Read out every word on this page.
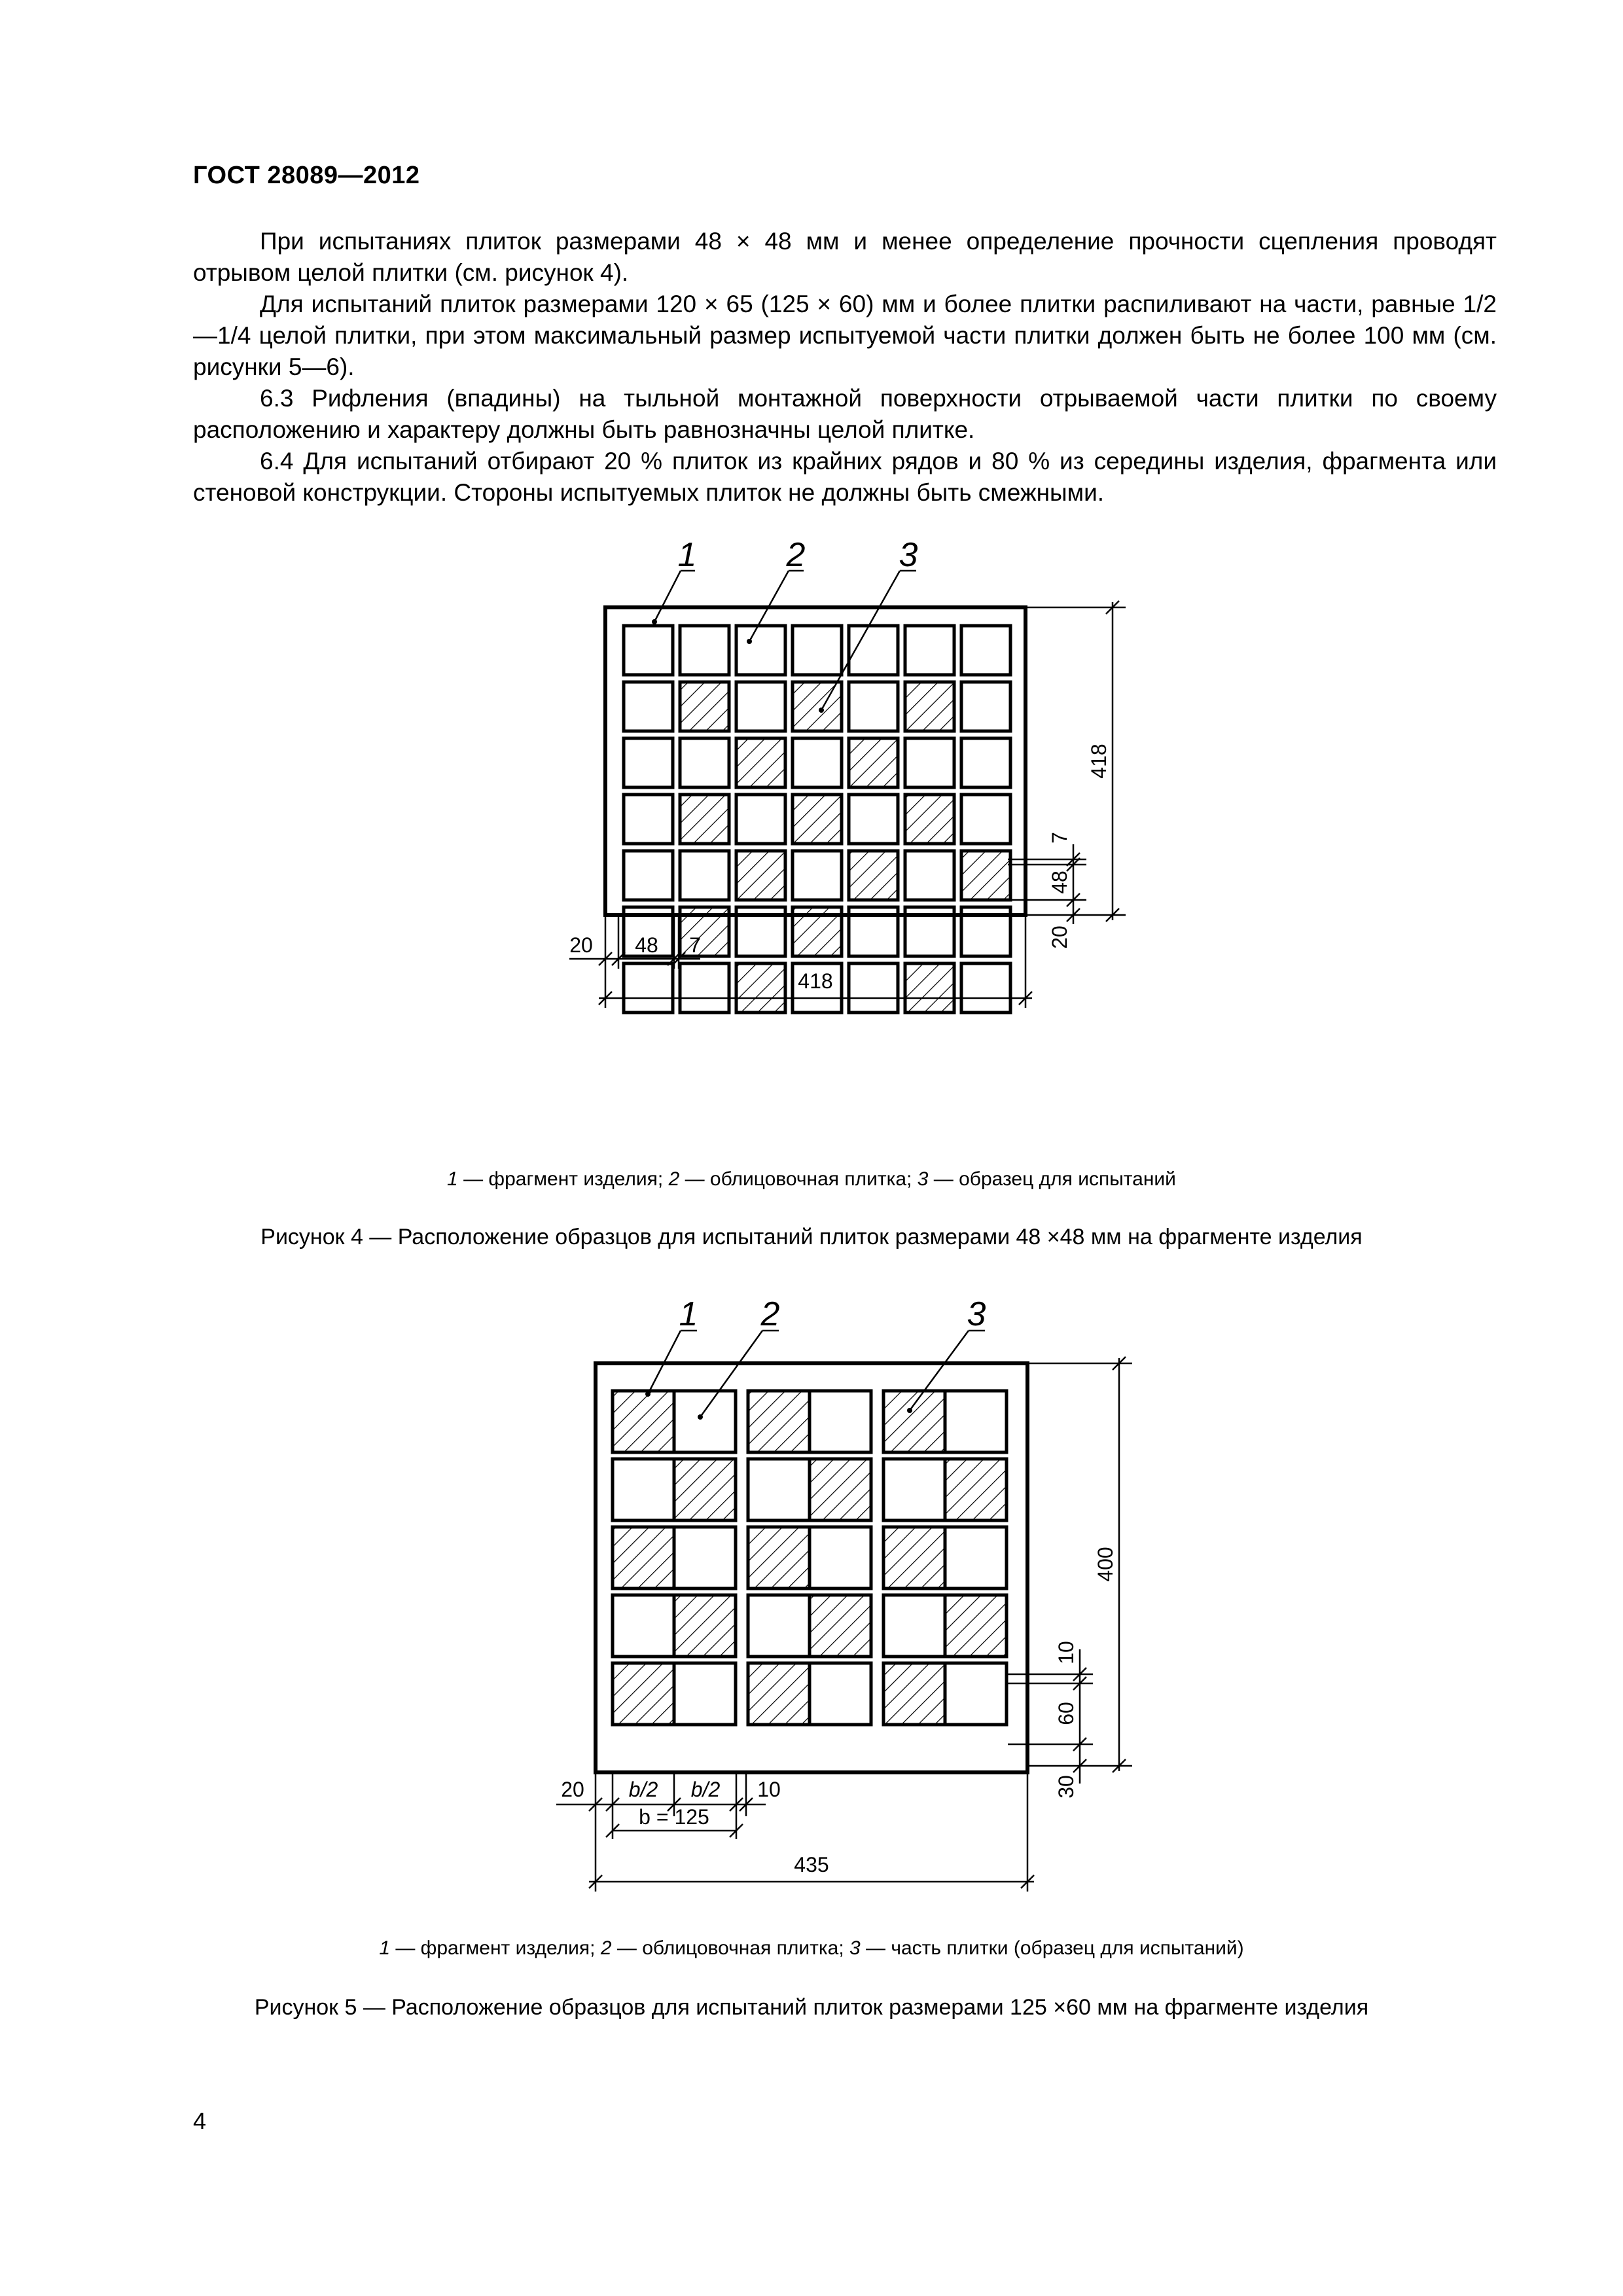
ГОСТ 28089—2012

При испытаниях плиток размерами 48 × 48 мм и менее определение прочности сцепления проводят отрывом целой плитки (см. рисунок 4).

Для испытаний плиток размерами 120 × 65 (125 × 60) мм и более плитки распиливают на части, равные 1/2—1/4 целой плитки, при этом максимальный размер испытуемой части плитки должен быть не более 100 мм (см. рисунки 5—6).

6.3 Рифления (впадины) на тыльной монтажной поверхности отрываемой части плитки по своему расположению и характеру должны быть равнозначны целой плитке.

6.4 Для испытаний отбирают 20 % плиток из крайних рядов и 80 % из середины изделия, фрагмента или стеновой конструкции. Стороны испытуемых плиток не должны быть смежными.

1	2	3
418
7
48
20
418
20 48 7
1 — фрагмент изделия; 2 — облицовочная плитка; 3 — образец для испытаний
Рисунок 4 — Расположение образцов для испытаний плиток размерами 48 ×48 мм на фрагменте изделия
1 2	3
400
10
60
30
435
20 b/2 b/2 10
b = 125
1 — фрагмент изделия; 2 — облицовочная плитка; 3 — часть плитки (образец для испытаний)
Рисунок 5 — Расположение образцов для испытаний плиток размерами 125 ×60 мм на фрагменте изделия
4
